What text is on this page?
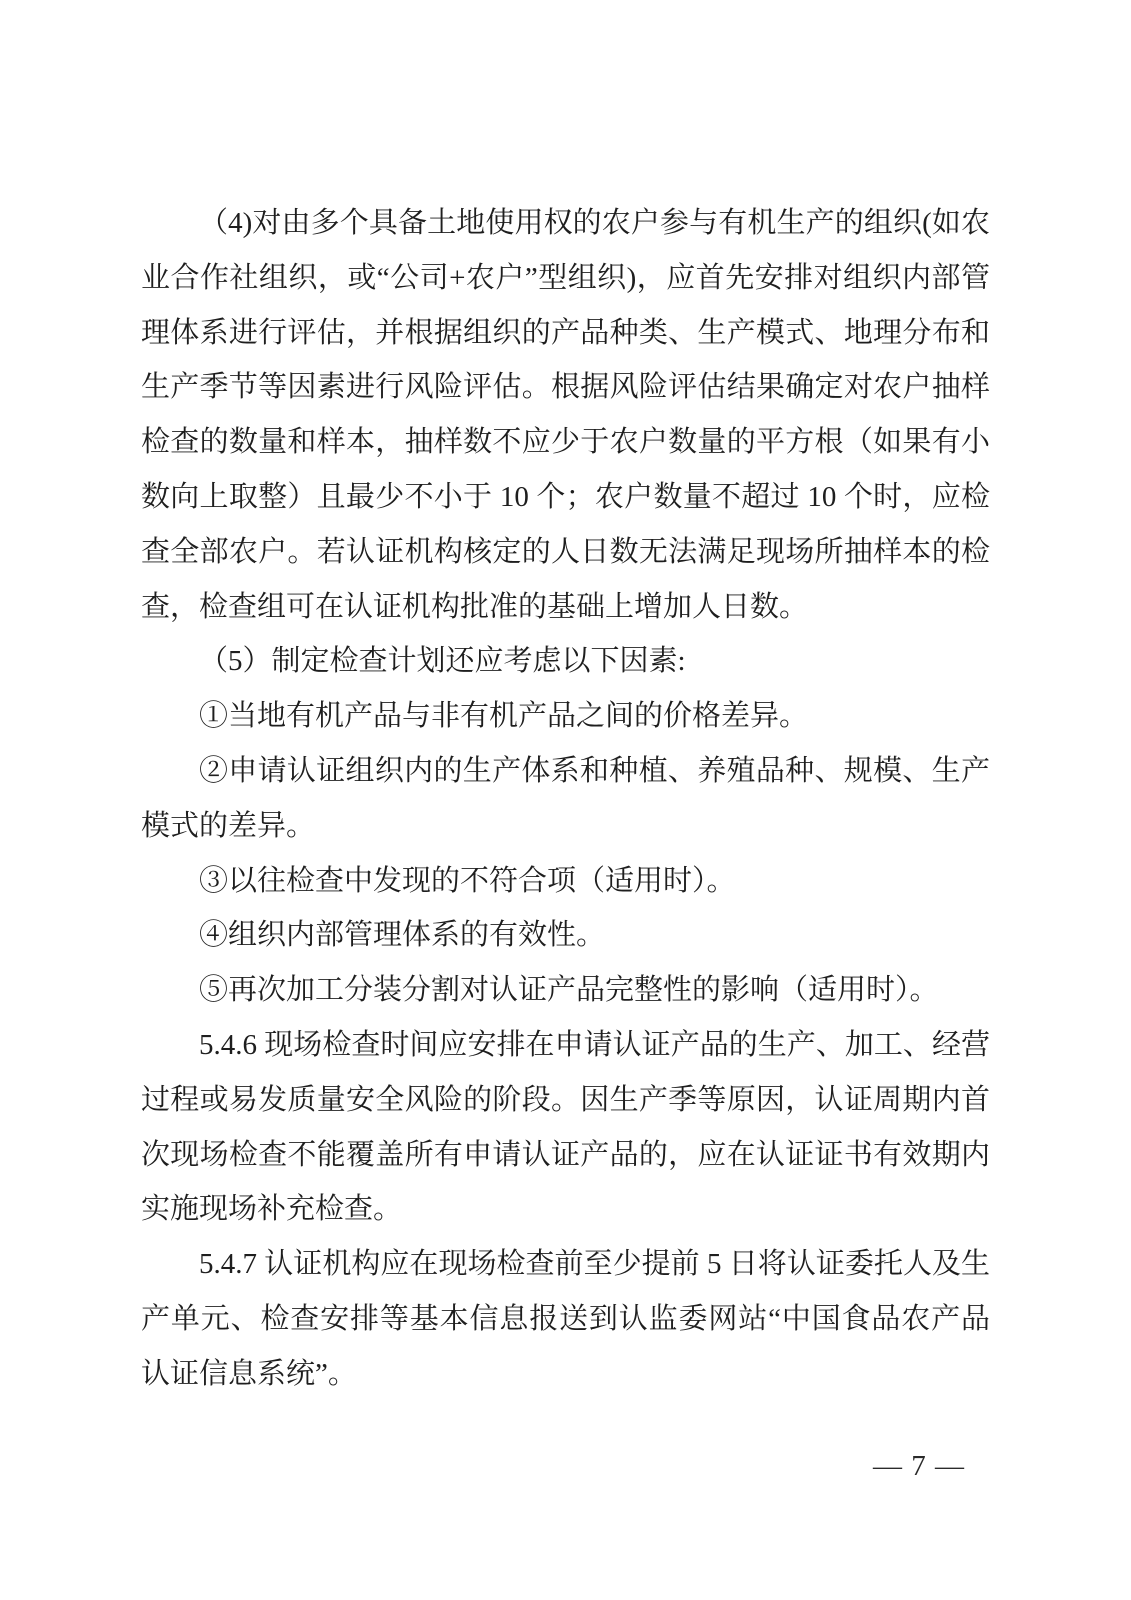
（4)对由多个具备土地使用权的农户参与有机生产的组织(如农业合作社组织，或“公司+农户”型组织)，应首先安排对组织内部管理体系进行评估，并根据组织的产品种类、生产模式、地理分布和生产季节等因素进行风险评估。根据风险评估结果确定对农户抽样检查的数量和样本，抽样数不应少于农户数量的平方根（如果有小数向上取整）且最少不小于 10 个；农户数量不超过 10 个时，应检查全部农户。若认证机构核定的人日数无法满足现场所抽样本的检查，检查组可在认证机构批准的基础上增加人日数。

（5）制定检查计划还应考虑以下因素:

①当地有机产品与非有机产品之间的价格差异。

②申请认证组织内的生产体系和种植、养殖品种、规模、生产模式的差异。

③以往检查中发现的不符合项（适用时）。

④组织内部管理体系的有效性。

⑤再次加工分装分割对认证产品完整性的影响（适用时）。

5.4.6 现场检查时间应安排在申请认证产品的生产、加工、经营过程或易发质量安全风险的阶段。因生产季等原因，认证周期内首次现场检查不能覆盖所有申请认证产品的，应在认证证书有效期内实施现场补充检查。

5.4.7 认证机构应在现场检查前至少提前 5 日将认证委托人及生产单元、检查安排等基本信息报送到认监委网站“中国食品农产品认证信息系统”。

— 7 —
